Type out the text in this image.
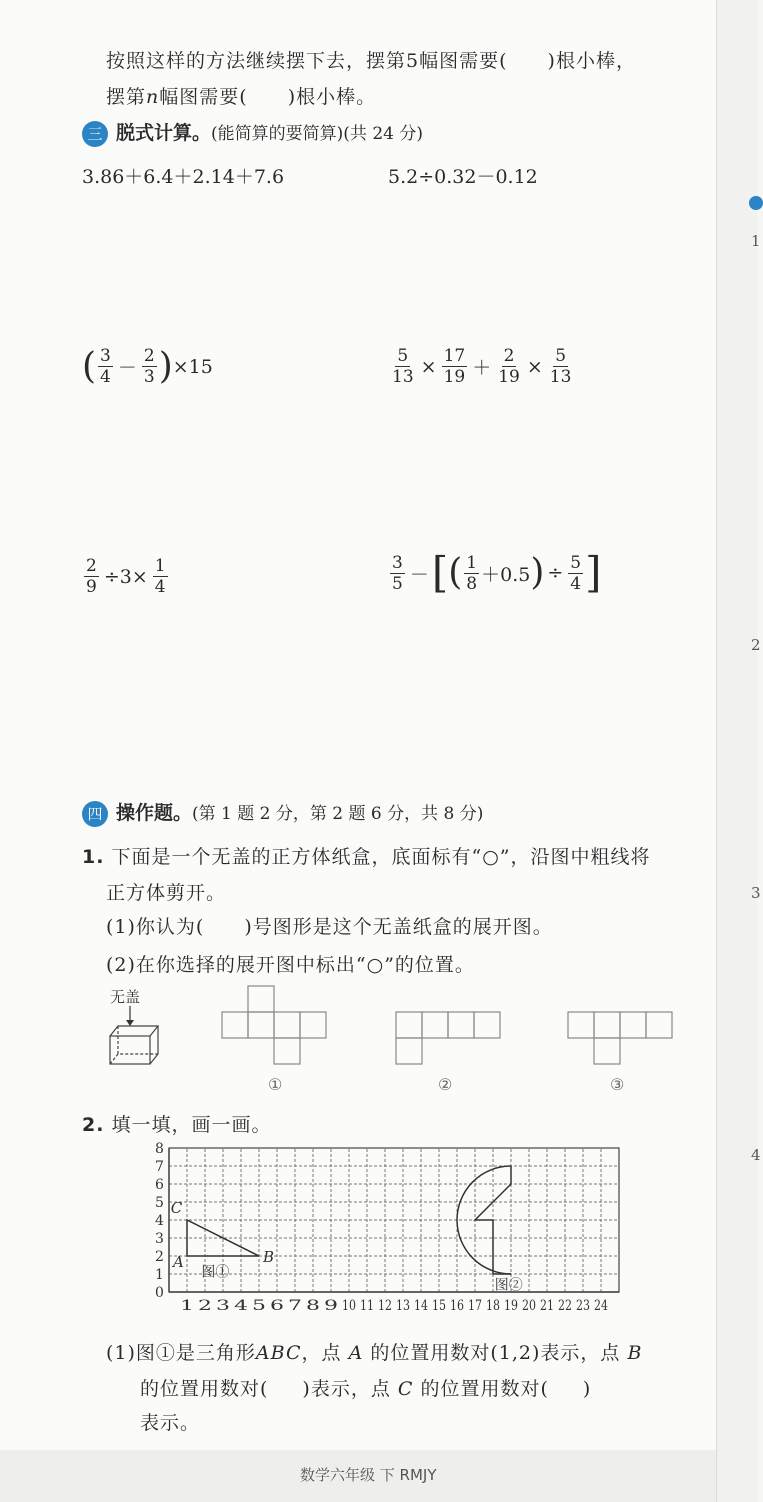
按照这样的方法继续摆下去，摆第5幅图需要( )根小棒，
摆第n幅图需要( )根小棒。
三 脱式计算。(能简算的要简算)(共 24 分)
3.86＋6.4＋2.14＋7.6	5.2÷0.32－0.12
( $\frac{3}{4} - \frac{2}{3}$ ) ×15	$\frac{5}{13} \times \frac{17}{19} + \frac{2}{19} \times \frac{5}{13}$
$\frac{2}{9} \div 3\times \frac{1}{4}$	$\frac{3}{5}$ － [ ( $\frac{1}{8} +0.5$ ) ÷ $\frac{5}{4}$ ]
四 操作题。(第 1 题 2 分，第 2 题 6 分，共 8 分)
1. 下面是一个无盖的正方体纸盒，底面标有“○”，沿图中粗线将
正方体剪开。
(1)你认为(　　)号图形是这个无盖纸盒的展开图。
(2)在你选择的展开图中标出“○”的位置。
无盖
①	②	③
2. 填一填，画一画。
0
1
2
3
4
5
6
7
8
1 2 3 4 5 6 7 8 9 10 11 12 13 14 15 16 17 18 19 20 21 22 23 24
A	B
C
图①
图②
(1)图①是三角形ABC，点 A 的位置用数对(1,2)表示，点 B
的位置用数对( )表示，点 C 的位置用数对( )
表示。
数学六年级 下 RMJY
1
2
3
4
